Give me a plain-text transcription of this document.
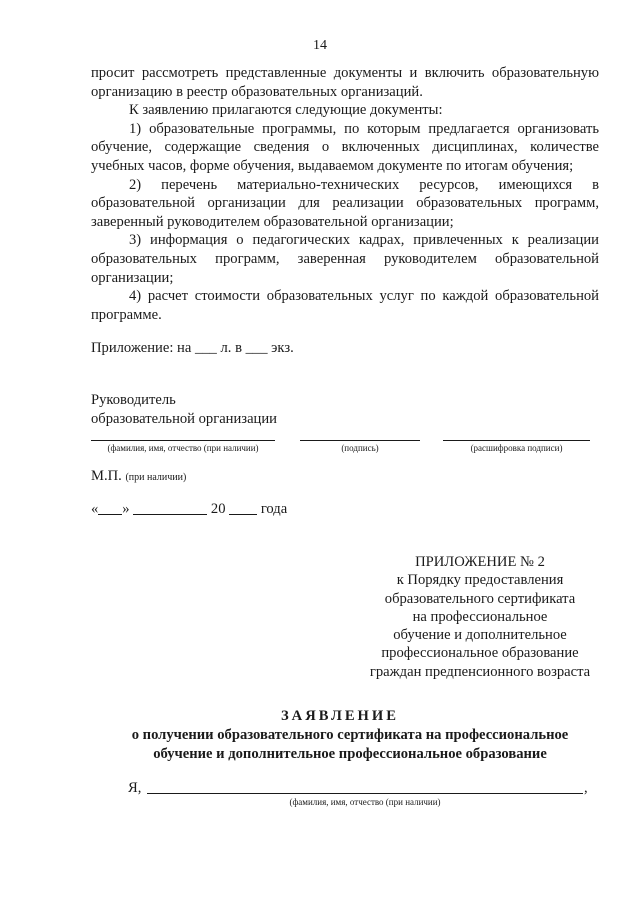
14

просит рассмотреть представленные документы и включить образовательную организацию в реестр образовательных организаций.

К заявлению прилагаются следующие документы:

1) образовательные программы, по которым предлагается организовать обучение, содержащие сведения о включенных дисциплинах, количестве учебных часов, форме обучения, выдаваемом документе по итогам обучения;

2) перечень материально-технических ресурсов, имеющихся в образовательной организации для реализации образовательных программ, заверенный руководителем образовательной организации;

3) информация о педагогических кадрах, привлеченных к реализации образовательных программ, заверенная руководителем образовательной организации;

4) расчет стоимости образовательных услуг по каждой образовательной программе.

Приложение: на ___ л. в ___ экз.
Руководитель
образовательной организации
(фамилия, имя, отчество (при наличии)	(подпись)	(расшифровка подписи)
М.П. (при наличии)
« »	20 года
ПРИЛОЖЕНИЕ № 2
к Порядку предоставления
образовательного сертификата
на профессиональное
обучение и дополнительное
профессиональное образование
граждан предпенсионного возраста
ЗАЯВЛЕНИЕ
о получении образовательного сертификата на профессиональное
обучение и дополнительное профессиональное образование
Я,	,
(фамилия, имя, отчество (при наличии)
